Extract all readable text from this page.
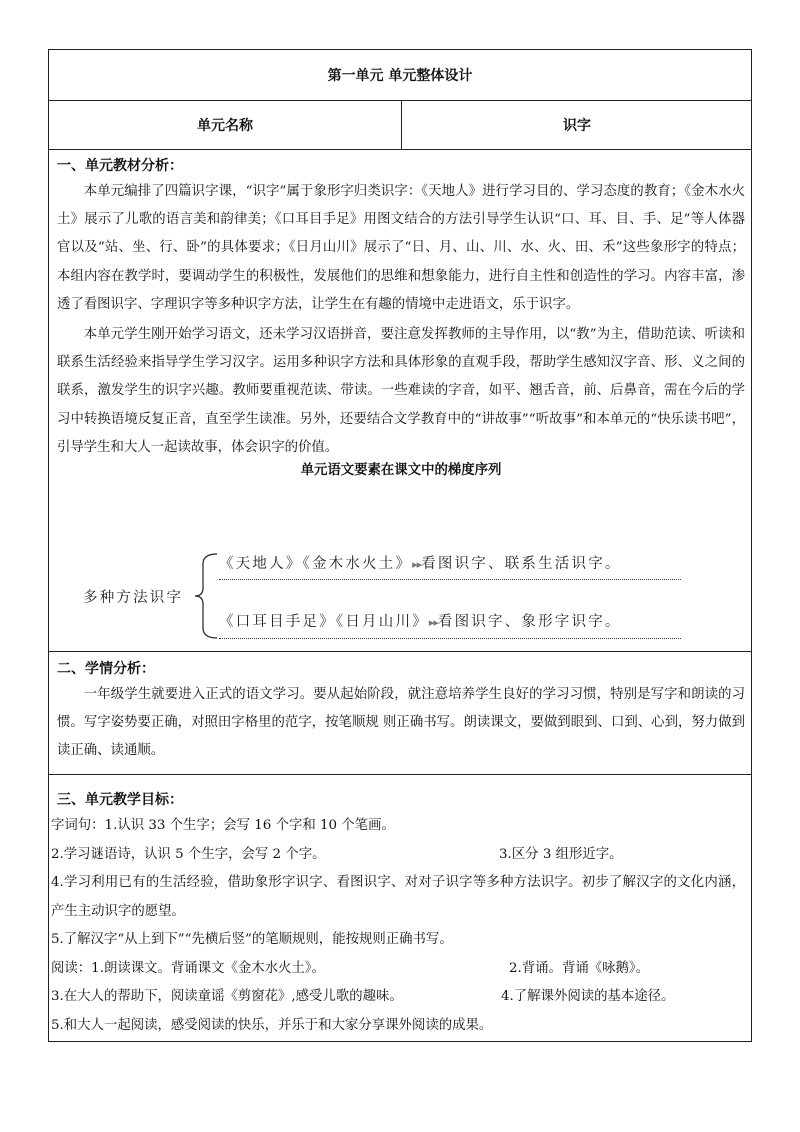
第一单元 单元整体设计
单元名称	识字

一、单元教材分析：

本单元编排了四篇识字课，“识字”属于象形字归类识字：《天地人》进行学习目的、学习态度的教育；《金木水火土》展示了儿歌的语言美和韵律美；《口耳目手足》用图文结合的方法引导学生认识“口、耳、目、手、足”等人体器官以及“站、坐、行、卧”的具体要求；《日月山川》展示了“日、月、山、川、水、火、田、禾”这些象形字的特点；本组内容在教学时，要调动学生的积极性，发展他们的思维和想象能力，进行自主性和创造性的学习。内容丰富，渗透了看图识字、字理识字等多种识字方法，让学生在有趣的情境中走进语文，乐于识字。

本单元学生刚开始学习语文，还未学习汉语拼音，要注意发挥教师的主导作用，以“教”为主，借助范读、听读和联系生活经验来指导学生学习汉字。运用多种识字方法和具体形象的直观手段，帮助学生感知汉字音、形、义之间的联系，激发学生的识字兴趣。教师要重视范读、带读。一些难读的字音，如平、翘舌音，前、后鼻音，需在今后的学习中转换语境反复正音，直至学生读准。另外，还要结合文学教育中的“讲故事”“听故事”和本单元的“快乐读书吧”，引导学生和大人一起读故事，体会识字的价值。

单元语文要素在课文中的梯度序列

多种方法识字
《天地人》《金木水火土》▸▸看图识字、联系生活识字。
《口耳目手足》《日月山川》▸▸看图识字、象形字识字。

二、学情分析：

一年级学生就要进入正式的语文学习。要从起始阶段，就注意培养学生良好的学习习惯，特别是写字和朗读的习惯。写字姿势要正确，对照田字格里的范字，按笔顺规 则正确书写。朗读课文，要做到眼到、口到、心到，努力做到读正确、读通顺。

三、单元教学目标：

字词句：1.认识 33 个生字；会写 16 个字和 10 个笔画。

2.学习谜语诗，认识 5 个生字，会写 2 个字。	3.区分 3 组形近字。

4.学习利用已有的生活经验，借助象形字识字、看图识字、对对子识字等多种方法识字。初步了解汉字的文化内涵，产生主动识字的愿望。

5.了解汉字“从上到下”“先横后竖”的笔顺规则，能按规则正确书写。

阅读：1.朗读课文。背诵课文《金木水火土》。	2.背诵。背诵《咏鹅》。

3.在大人的帮助下，阅读童谣《剪窗花》,感受儿歌的趣味。	4.了解课外阅读的基本途径。

5.和大人一起阅读，感受阅读的快乐，并乐于和大家分享课外阅读的成果。
